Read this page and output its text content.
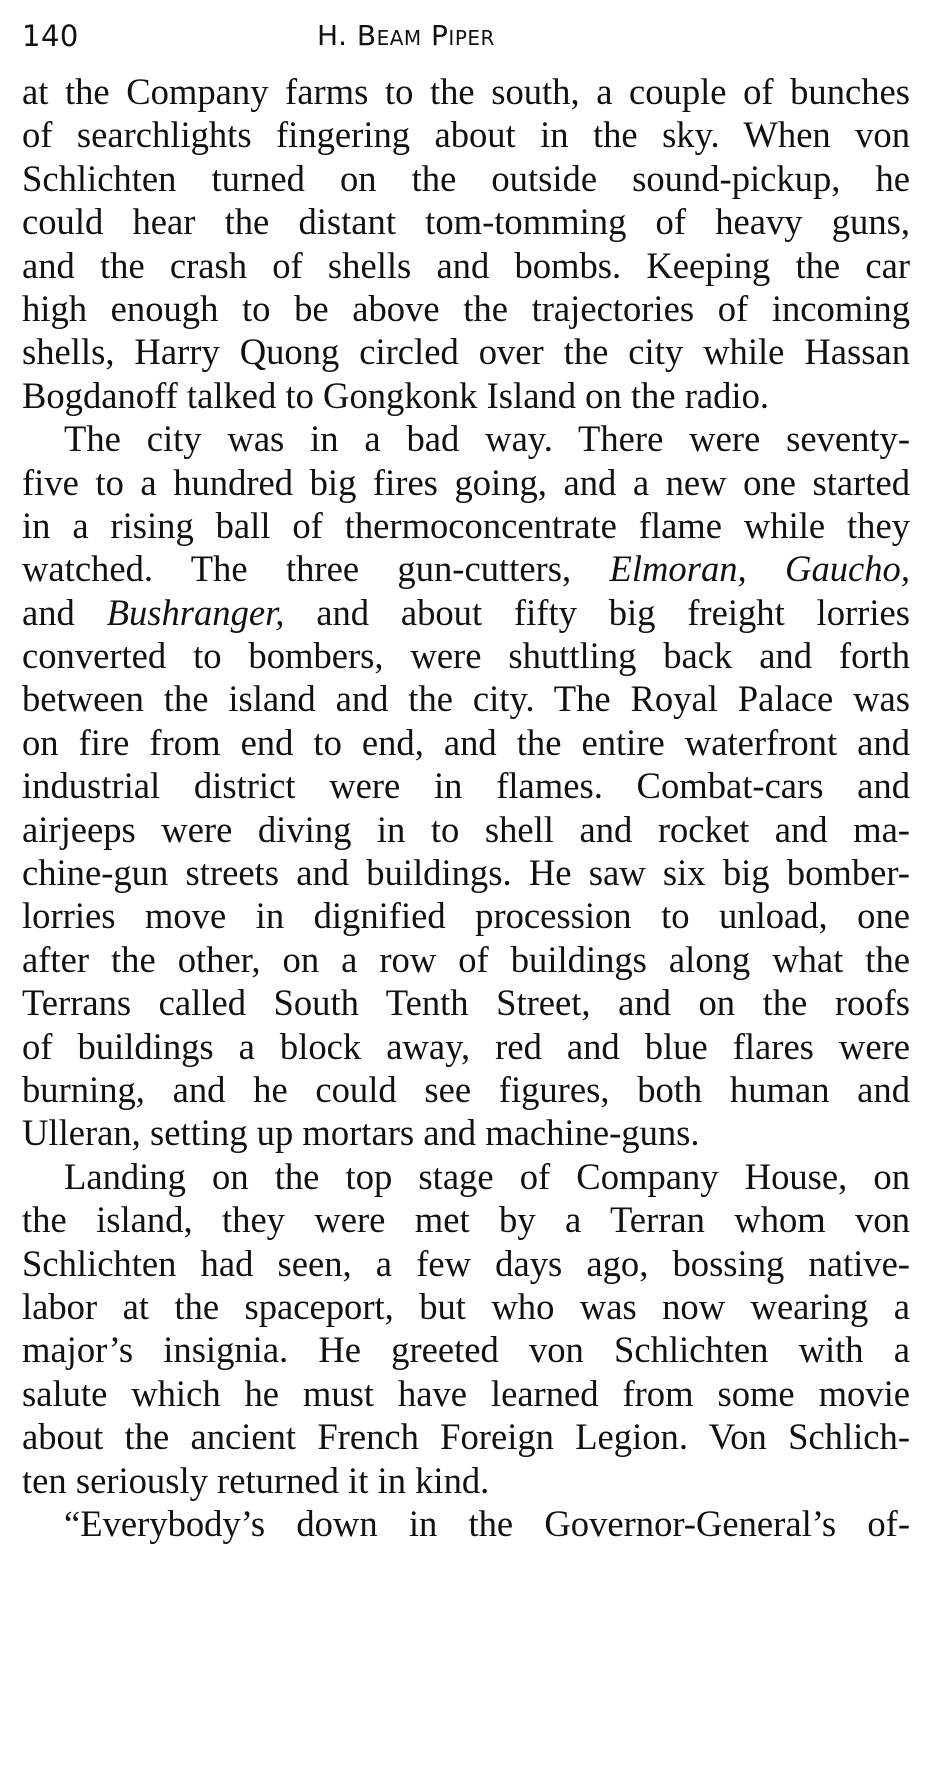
140	H. Beam Piper
at the Company farms to the south, a couple of bunches
of searchlights fingering about in the sky. When von
Schlichten turned on the outside sound-pickup, he
could hear the distant tom-tomming of heavy guns,
and the crash of shells and bombs. Keeping the car
high enough to be above the trajectories of incoming
shells, Harry Quong circled over the city while Hassan
Bogdanoff talked to Gongkonk Island on the radio.
The city was in a bad way. There were seventy-
five to a hundred big fires going, and a new one started
in a rising ball of thermoconcentrate flame while they
watched. The three gun-cutters, Elmoran, Gaucho,
and Bushranger, and about fifty big freight lorries
converted to bombers, were shuttling back and forth
between the island and the city. The Royal Palace was
on fire from end to end, and the entire waterfront and
industrial district were in flames. Combat-cars and
airjeeps were diving in to shell and rocket and ma-
chine-gun streets and buildings. He saw six big bomber-
lorries move in dignified procession to unload, one
after the other, on a row of buildings along what the
Terrans called South Tenth Street, and on the roofs
of buildings a block away, red and blue flares were
burning, and he could see figures, both human and
Ulleran, setting up mortars and machine-guns.
Landing on the top stage of Company House, on
the island, they were met by a Terran whom von
Schlichten had seen, a few days ago, bossing native-
labor at the spaceport, but who was now wearing a
major’s insignia. He greeted von Schlichten with a
salute which he must have learned from some movie
about the ancient French Foreign Legion. Von Schlich-
ten seriously returned it in kind.
“Everybody’s down in the Governor-General’s of-
